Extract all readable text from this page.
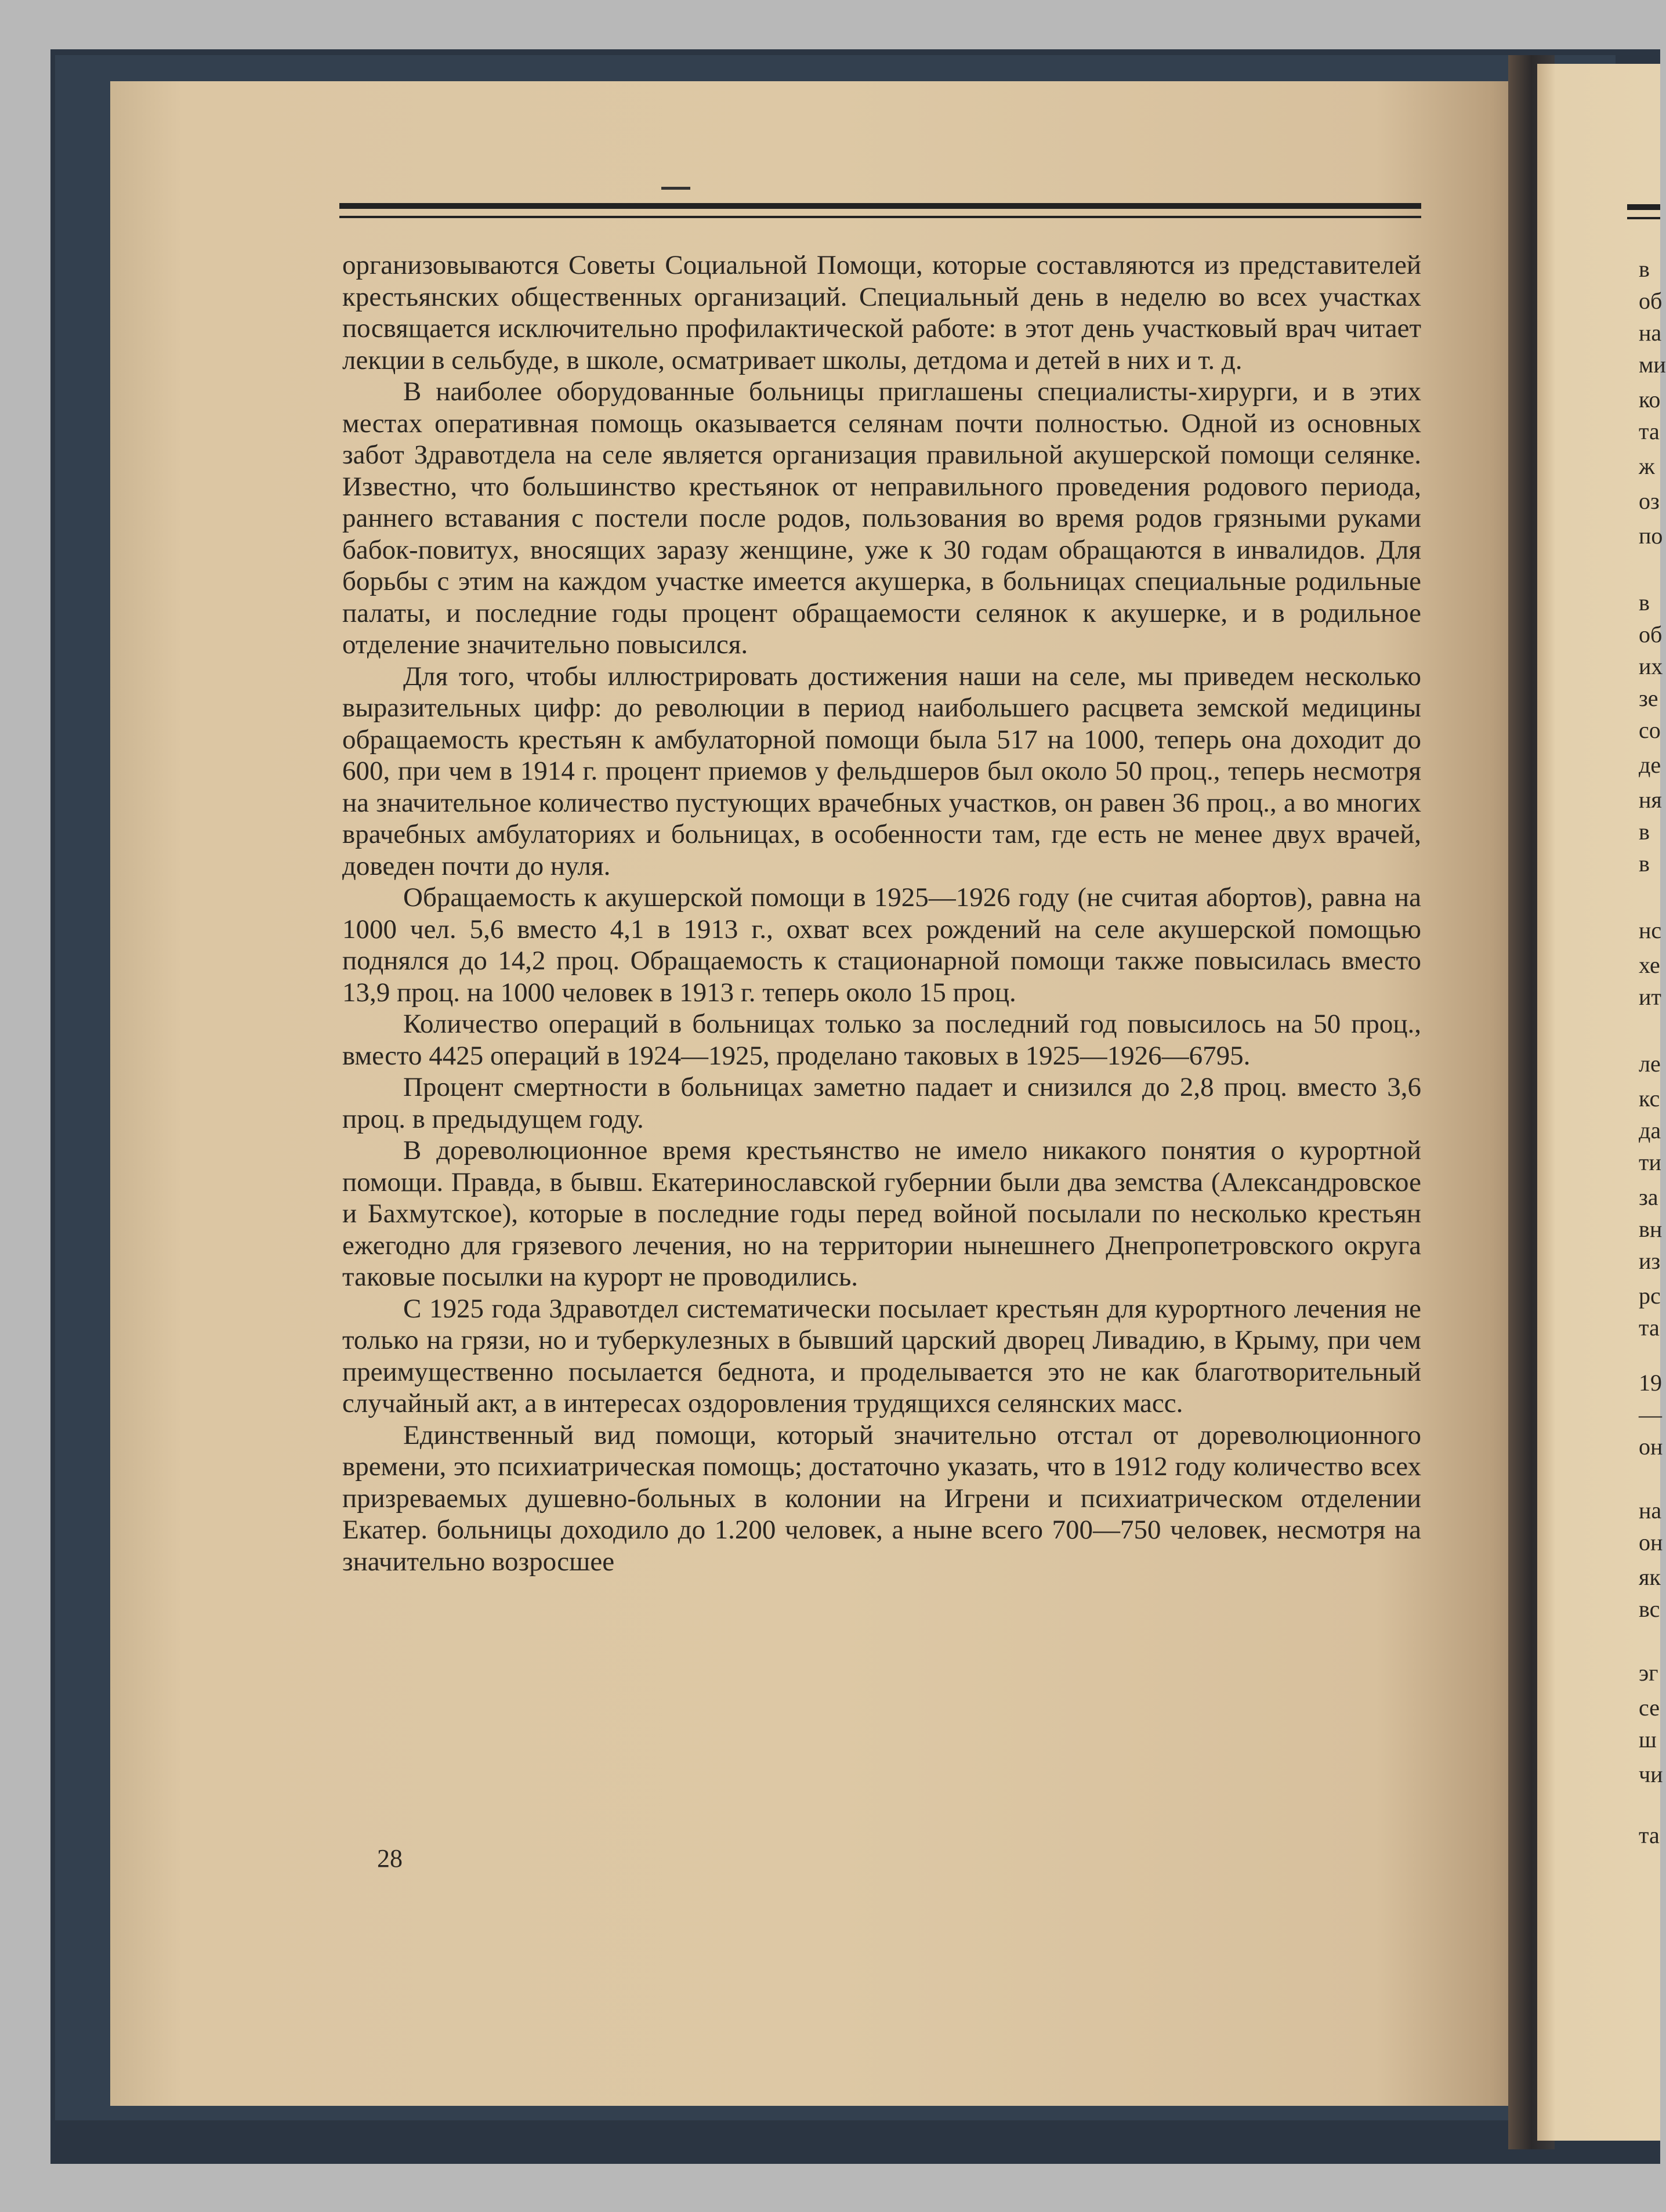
организовываются Советы Социальной Помощи, которые составляются из представителей крестьянских общественных организаций. Специальный день в неделю во всех участках посвящается исключительно профилактической работе: в этот день участковый врач читает лекции в сельбуде, в школе, осматривает школы, детдома и детей в них и т. д.

В наиболее оборудованные больницы приглашены специалисты-хирурги, и в этих местах оперативная помощь оказывается селянам почти полностью. Одной из основных забот Здравотдела на селе является организация правильной акушерской помощи селянке. Известно, что большинство крестьянок от неправильного проведения родового периода, раннего вставания с постели после родов, пользования во время родов грязными руками бабок-повитух, вносящих заразу женщине, уже к 30 годам обращаются в инвалидов. Для борьбы с этим на каждом участке имеется акушерка, в больницах специальные родильные палаты, и последние годы процент обращаемости селянок к акушерке, и в родильное отделение значительно повысился.

Для того, чтобы иллюстрировать достижения наши на селе, мы приведем несколько выразительных цифр: до революции в период наибольшего расцвета земской медицины обращаемость крестьян к амбулаторной помощи была 517 на 1000, теперь она доходит до 600, при чем в 1914 г. процент приемов у фельдшеров был около 50 проц., теперь несмотря на значительное количество пустующих врачебных участков, он равен 36 проц., а во многих врачебных амбулаториях и больницах, в особенности там, где есть не менее двух врачей, доведен почти до нуля.

Обращаемость к акушерской помощи в 1925—1926 году (не считая абортов), равна на 1000 чел. 5,6 вместо 4,1 в 1913 г., охват всех рождений на селе акушерской помощью поднялся до 14,2 проц. Обращаемость к стационарной помощи также повысилась вместо 13,9 проц. на 1000 человек в 1913 г. теперь около 15 проц.

Количество операций в больницах только за последний год повысилось на 50 проц., вместо 4425 операций в 1924—1925, проделано таковых в 1925—1926—6795.

Процент смертности в больницах заметно падает и снизился до 2,8 проц. вместо 3,6 проц. в предыдущем году.

В дореволюционное время крестьянство не имело никакого понятия о курортной помощи. Правда, в бывш. Екатеринославской губернии были два земства (Александровское и Бахмутское), которые в последние годы перед войной посылали по несколько крестьян ежегодно для грязевого лечения, но на территории нынешнего Днепропетровского округа таковые посылки на курорт не проводились.

С 1925 года Здравотдел систематически посылает крестьян для курортного лечения не только на грязи, но и туберкулезных в бывший царский дворец Ливадию, в Крыму, при чем преимущественно посылается беднота, и проделывается это не как благотворительный случайный акт, а в интересах оздоровления трудящихся селянских масс.

Единственный вид помощи, который значительно отстал от дореволюционного времени, это психиатрическая помощь; достаточно указать, что в 1912 году количество всех призреваемых душевно-больных в колонии на Игрени и психиатрическом отделении Екатер. больницы доходило до 1.200 человек, а ныне всего 700—750 человек, несмотря на значительно возросшее

28
в
об
на
ми
ко
та
ж
оз
по
в
об
их
зе
со
де
ня
в
в
нс
хе
ит
ле
кс
да
ти
за
вн
из
рс
та
19
—
он
на
он
як
вс
эг
се
ш
чи
та
